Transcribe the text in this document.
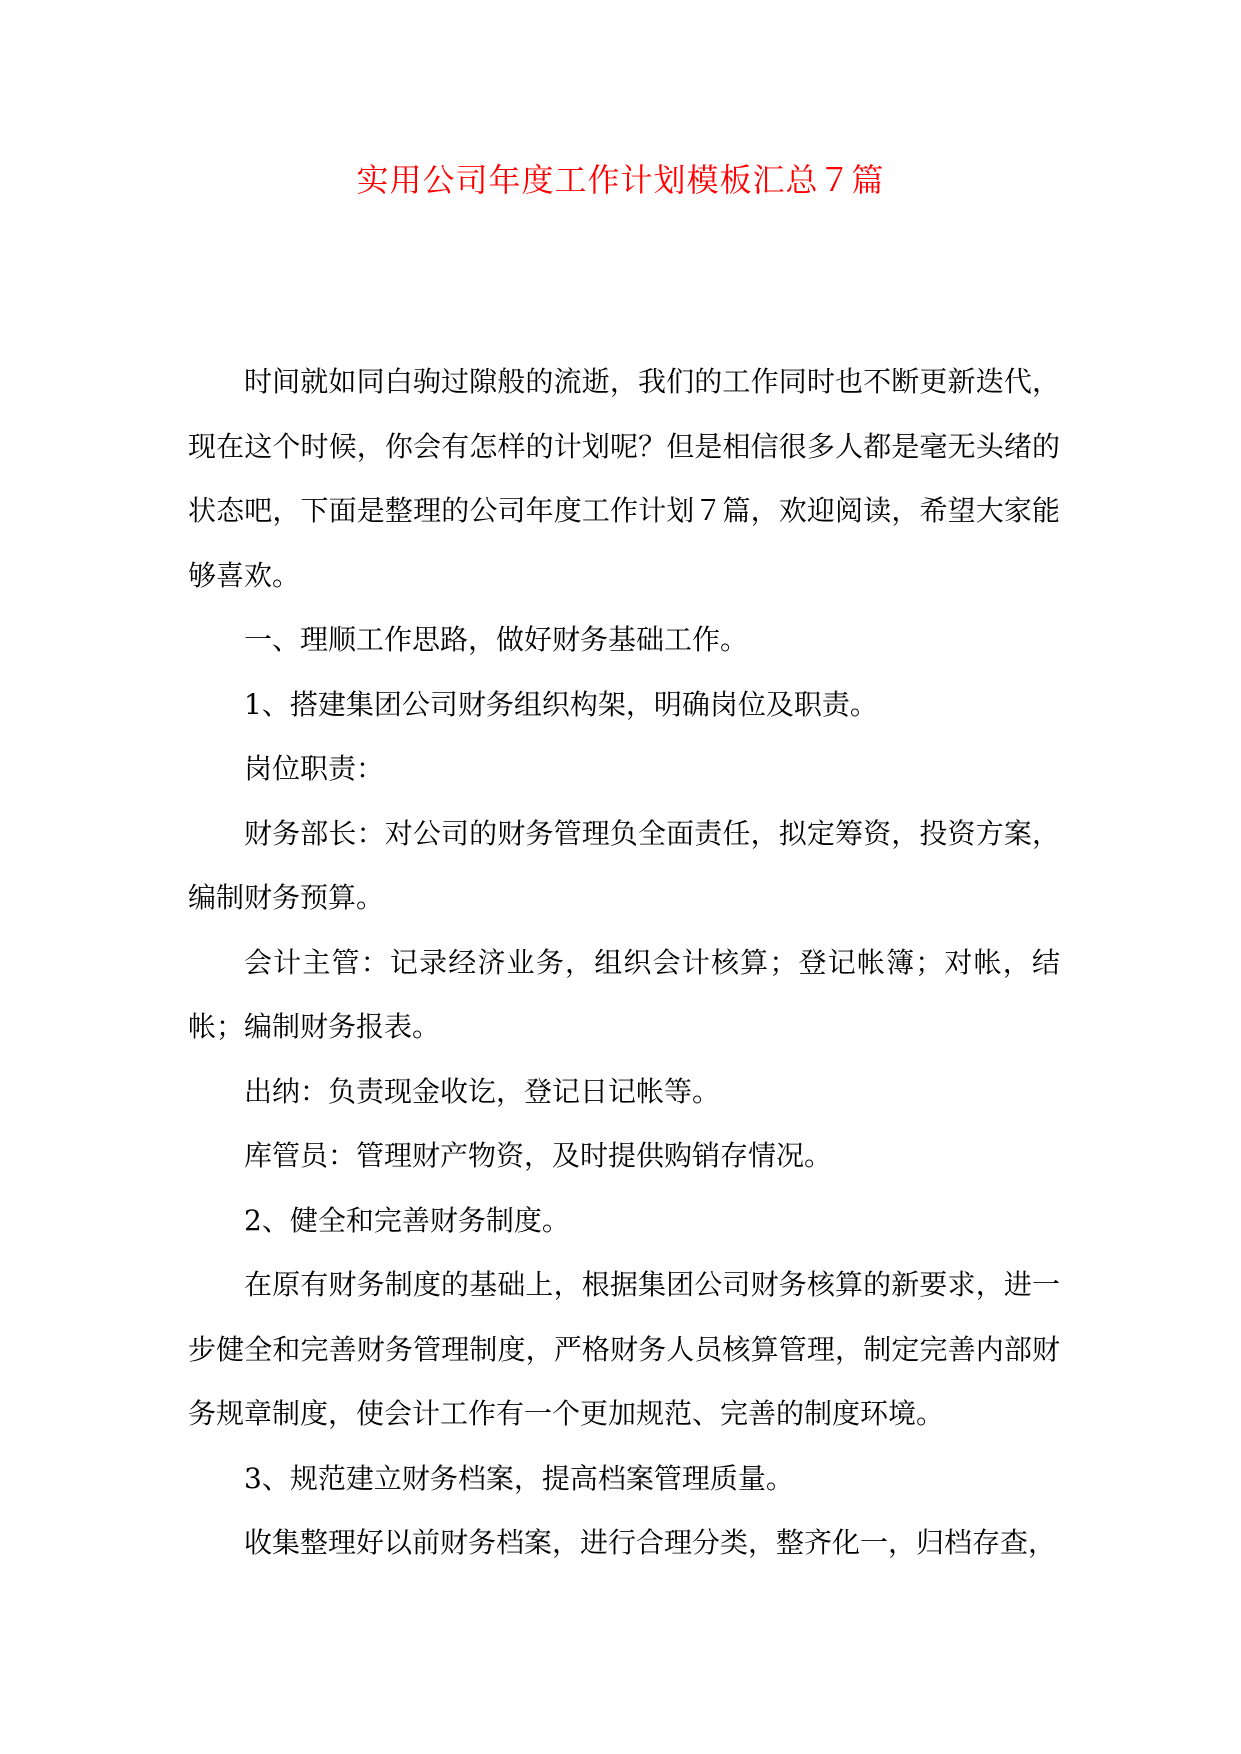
实用公司年度工作计划模板汇总７篇

时间就如同白驹过隙般的流逝，我们的工作同时也不断更新迭代，现在这个时候，你会有怎样的计划呢？但是相信很多人都是毫无头绪的状态吧，下面是整理的公司年度工作计划７篇，欢迎阅读，希望大家能够喜欢。

一、理顺工作思路，做好财务基础工作。

1、搭建集团公司财务组织构架，明确岗位及职责。

岗位职责：

财务部长：对公司的财务管理负全面责任，拟定筹资，投资方案，编制财务预算。

会计主管：记录经济业务，组织会计核算；登记帐簿；对帐，结帐；编制财务报表。

出纳：负责现金收讫，登记日记帐等。

库管员：管理财产物资，及时提供购销存情况。

2、健全和完善财务制度。

在原有财务制度的基础上，根据集团公司财务核算的新要求，进一步健全和完善财务管理制度，严格财务人员核算管理，制定完善内部财务规章制度，使会计工作有一个更加规范、完善的制度环境。

3、规范建立财务档案，提高档案管理质量。

收集整理好以前财务档案，进行合理分类，整齐化一，归档存查，
